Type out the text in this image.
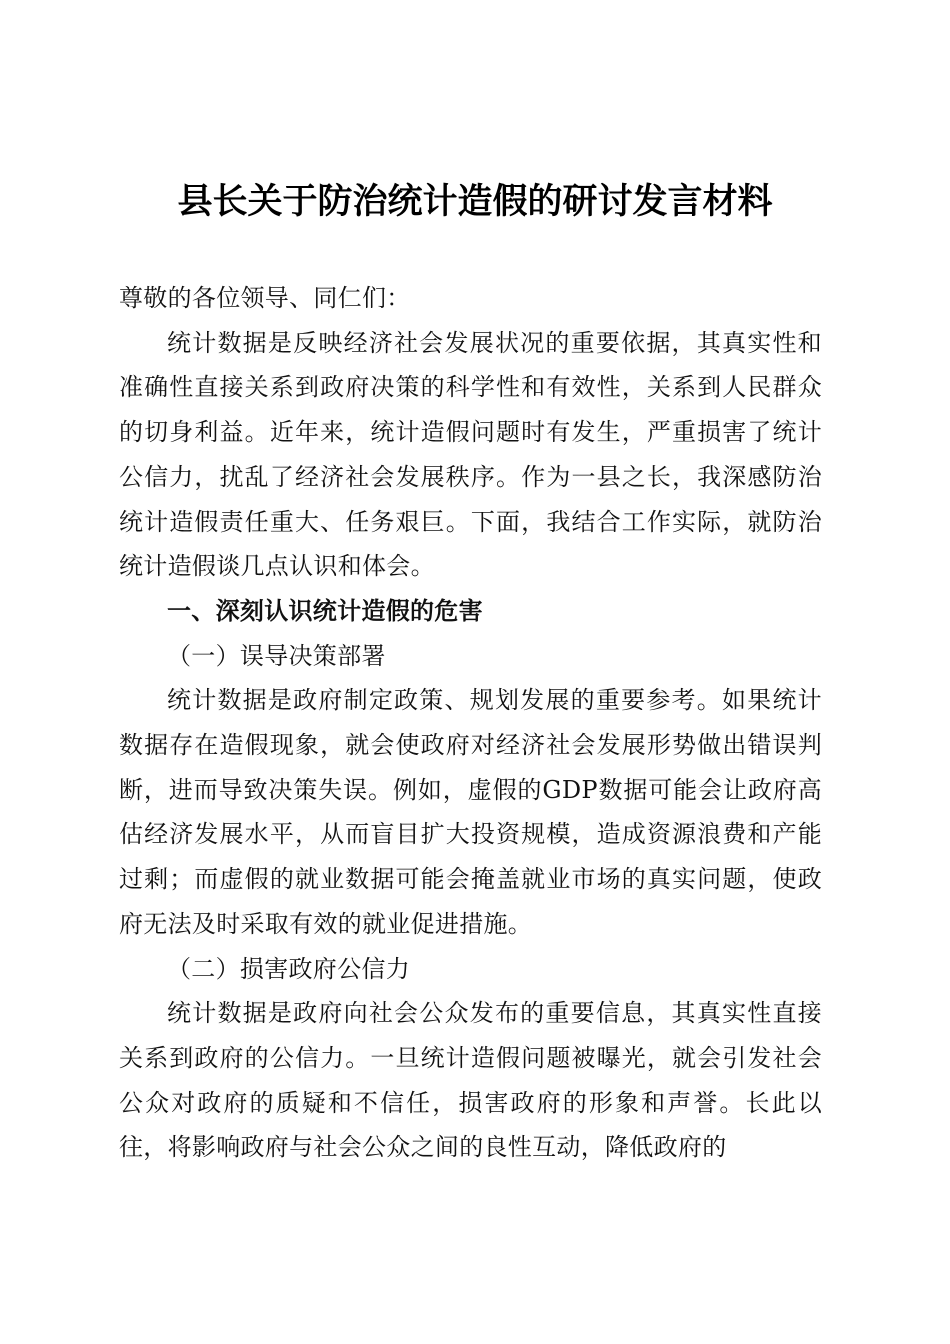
县长关于防治统计造假的研讨发言材料

尊敬的各位领导、同仁们：

统计数据是反映经济社会发展状况的重要依据，其真实性和准确性直接关系到政府决策的科学性和有效性，关系到人民群众的切身利益。近年来，统计造假问题时有发生，严重损害了统计公信力，扰乱了经济社会发展秩序。作为一县之长，我深感防治统计造假责任重大、任务艰巨。下面，我结合工作实际，就防治统计造假谈几点认识和体会。

一、深刻认识统计造假的危害

（一）误导决策部署

统计数据是政府制定政策、规划发展的重要参考。如果统计数据存在造假现象，就会使政府对经济社会发展形势做出错误判断，进而导致决策失误。例如，虚假的GDP数据可能会让政府高估经济发展水平，从而盲目扩大投资规模，造成资源浪费和产能过剩；而虚假的就业数据可能会掩盖就业市场的真实问题，使政府无法及时采取有效的就业促进措施。

（二）损害政府公信力

统计数据是政府向社会公众发布的重要信息，其真实性直接关系到政府的公信力。一旦统计造假问题被曝光，就会引发社会公众对政府的质疑和不信任，损害政府的形象和声誉。长此以往，将影响政府与社会公众之间的良性互动，降低政府的
